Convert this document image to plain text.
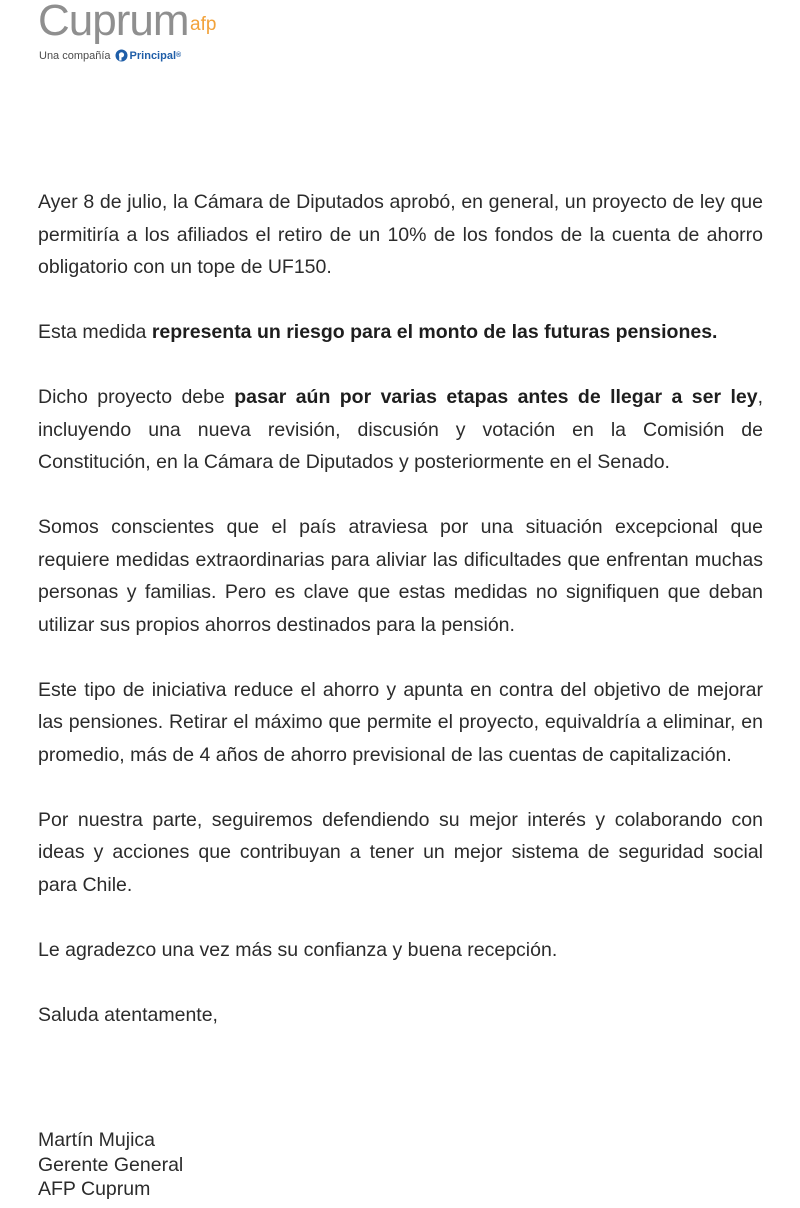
Cuprum afp
Una compañía Principal ®

Ayer 8 de julio, la Cámara de Diputados aprobó, en general, un proyecto de ley que permitiría a los afiliados el retiro de un 10% de los fondos de la cuenta de ahorro obligatorio con un tope de UF150.

Esta medida representa un riesgo para el monto de las futuras pensiones.

Dicho proyecto debe pasar aún por varias etapas antes de llegar a ser ley, incluyendo una nueva revisión, discusión y votación en la Comisión de Constitución, en la Cámara de Diputados y posteriormente en el Senado.

Somos conscientes que el país atraviesa por una situación excepcional que requiere medidas extraordinarias para aliviar las dificultades que enfrentan muchas personas y familias. Pero es clave que estas medidas no signifiquen que deban utilizar sus propios ahorros destinados para la pensión.

Este tipo de iniciativa reduce el ahorro y apunta en contra del objetivo de mejorar las pensiones. Retirar el máximo que permite el proyecto, equivaldría a eliminar, en promedio, más de 4 años de ahorro previsional de las cuentas de capitalización.

Por nuestra parte, seguiremos defendiendo su mejor interés y colaborando con ideas y acciones que contribuyan a tener un mejor sistema de seguridad social para Chile.

Le agradezco una vez más su confianza y buena recepción.

Saluda atentamente,

Martín Mujica
Gerente General
AFP Cuprum
